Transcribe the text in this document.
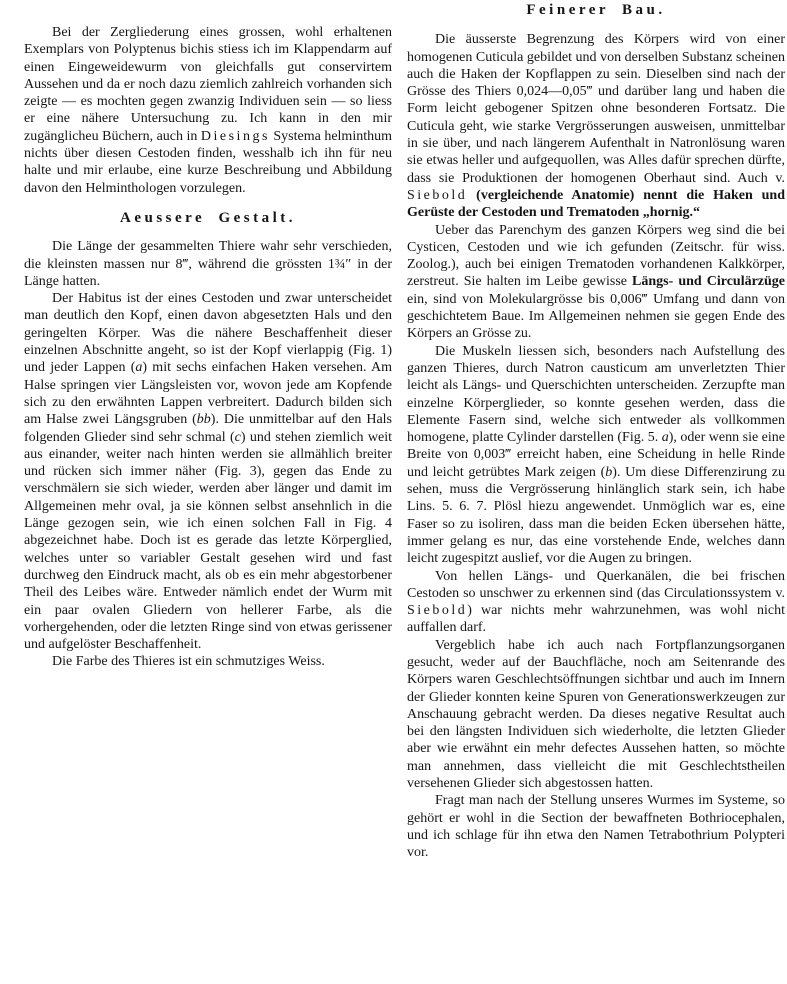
Bei der Zergliederung eines grossen, wohl erhaltenen Exemplars von Polyptenus bichis stiess ich im Klappendarm auf einen Eingeweidewurm von gleichfalls gut conservirtem Aussehen und da er noch dazu ziemlich zahlreich vorhanden sich zeigte — es mochten gegen zwanzig Individuen sein — so liess er eine nähere Untersuchung zu. Ich kann in den mir zugänglicheu Büchern, auch in Diesings Systema helminthum nichts über diesen Cestoden finden, wesshalb ich ihn für neu halte und mir erlaube, eine kurze Beschreibung und Abbildung davon den Helminthologen vorzulegen.

Aeussere Gestalt.

Die Länge der gesammelten Thiere wahr sehr verschieden, die kleinsten massen nur 8‴, während die grössten 1¾″ in der Länge hatten.

Der Habitus ist der eines Cestoden und zwar unterscheidet man deutlich den Kopf, einen davon abgesetzten Hals und den geringelten Körper. Was die nähere Beschaffenheit dieser einzelnen Abschnitte angeht, so ist der Kopf vierlappig (Fig. 1) und jeder Lappen (a) mit sechs einfachen Haken versehen. Am Halse springen vier Längsleisten vor, wovon jede am Kopfende sich zu den erwähnten Lappen verbreitert. Dadurch bilden sich am Halse zwei Längsgruben (bb). Die unmittelbar auf den Hals folgenden Glieder sind sehr schmal (c) und stehen ziemlich weit aus einander, weiter nach hinten werden sie allmählich breiter und rücken sich immer näher (Fig. 3), gegen das Ende zu verschmälern sie sich wieder, werden aber länger und damit im Allgemeinen mehr oval, ja sie können selbst ansehnlich in die Länge gezogen sein, wie ich einen solchen Fall in Fig. 4 abgezeichnet habe. Doch ist es gerade das letzte Körperglied, welches unter so variabler Gestalt gesehen wird und fast durchweg den Eindruck macht, als ob es ein mehr abgestorbener Theil des Leibes wäre. Entweder nämlich endet der Wurm mit ein paar ovalen Gliedern von hellerer Farbe, als die vorhergehenden, oder die letzten Ringe sind von etwas gerissener und aufgelöster Beschaffenheit.

Die Farbe des Thieres ist ein schmutziges Weiss.

Feinerer Bau.

Die äusserste Begrenzung des Körpers wird von einer homogenen Cuticula gebildet und von derselben Substanz scheinen auch die Haken der Kopflappen zu sein. Dieselben sind nach der Grösse des Thiers 0,024—0,05‴ und darüber lang und haben die Form leicht gebogener Spitzen ohne besonderen Fortsatz. Die Cuticula geht, wie starke Vergrösserungen ausweisen, unmittelbar in sie über, und nach längerem Aufenthalt in Natronlösung waren sie etwas heller und aufgequollen, was Alles dafür sprechen dürfte, dass sie Produktionen der homogenen Oberhaut sind. Auch v. Siebold (vergleichende Anatomie) nennt die Haken und Gerüste der Cestoden und Trematoden „hornig.“

Ueber das Parenchym des ganzen Körpers weg sind die bei Cysticen, Cestoden und wie ich gefunden (Zeitschr. für wiss. Zoolog.), auch bei einigen Trematoden vorhandenen Kalkkörper, zerstreut. Sie halten im Leibe gewisse Längs- und Circulärzüge ein, sind von Molekulargrösse bis 0,006‴ Umfang und dann von geschichtetem Baue. Im Allgemeinen nehmen sie gegen Ende des Körpers an Grösse zu.

Die Muskeln liessen sich, besonders nach Aufstellung des ganzen Thieres, durch Natron causticum am unverletzten Thier leicht als Längs- und Querschichten unterscheiden. Zerzupfte man einzelne Körperglieder, so konnte gesehen werden, dass die Elemente Fasern sind, welche sich entweder als vollkommen homogene, platte Cylinder darstellen (Fig. 5. a), oder wenn sie eine Breite von 0,003‴ erreicht haben, eine Scheidung in helle Rinde und leicht getrübtes Mark zeigen (b). Um diese Differenzirung zu sehen, muss die Vergrösserung hinlänglich stark sein, ich habe Lins. 5. 6. 7. Plösl hiezu angewendet. Unmöglich war es, eine Faser so zu isoliren, dass man die beiden Ecken übersehen hätte, immer gelang es nur, das eine vorstehende Ende, welches dann leicht zugespitzt auslief, vor die Augen zu bringen.

Von hellen Längs- und Querkanälen, die bei frischen Cestoden so unschwer zu erkennen sind (das Circulationssystem v. Siebold) war nichts mehr wahrzunehmen, was wohl nicht auffallen darf.

Vergeblich habe ich auch nach Fortpflanzungsorganen gesucht, weder auf der Bauchfläche, noch am Seitenrande des Körpers waren Geschlechtsöffnungen sichtbar und auch im Innern der Glieder konnten keine Spuren von Generationswerkzeugen zur Anschauung gebracht werden. Da dieses negative Resultat auch bei den längsten Individuen sich wiederholte, die letzten Glieder aber wie erwähnt ein mehr defectes Aussehen hatten, so möchte man annehmen, dass vielleicht die mit Geschlechtstheilen versehenen Glieder sich abgestossen hatten.

Fragt man nach der Stellung unseres Wurmes im Systeme, so gehört er wohl in die Section der bewaffneten Bothriocephalen, und ich schlage für ihn etwa den Namen Tetrabothrium Polypteri vor.
